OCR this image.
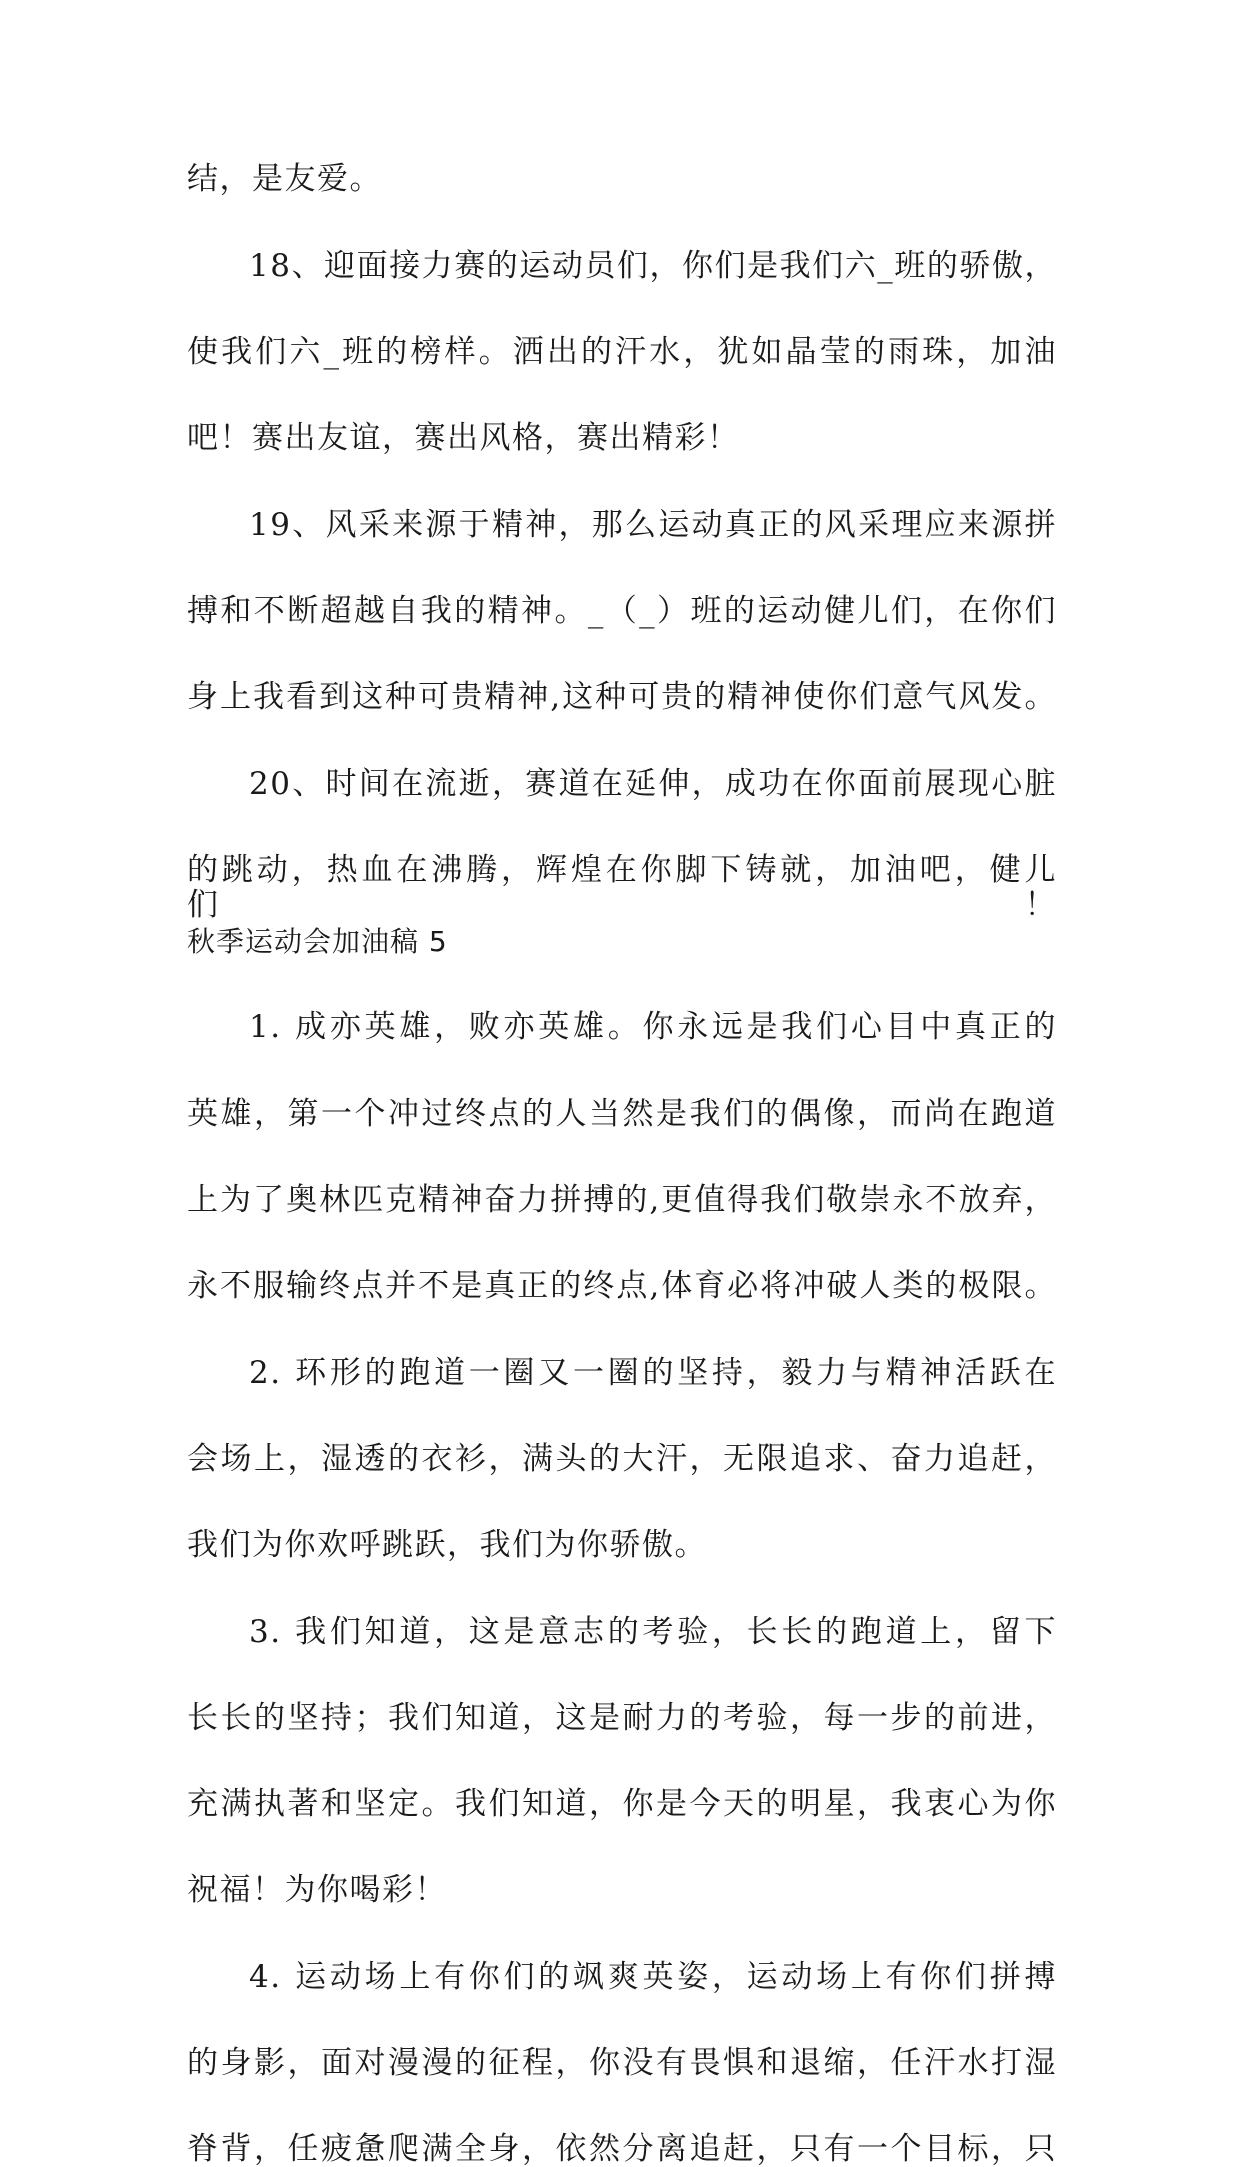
结，是友爱。
18、迎面接力赛的运动员们，你们是我们六_班的骄傲，
使我们六_班的榜样。洒出的汗水，犹如晶莹的雨珠，加油
吧！赛出友谊，赛出风格，赛出精彩！
19、风采来源于精神，那么运动真正的风采理应来源拼
搏和不断超越自我的精神。_（_）班的运动健儿们，在你们
身上我看到这种可贵精神,这种可贵的精神使你们意气风发。
20、时间在流逝，赛道在延伸，成功在你面前展现心脏
的跳动，热血在沸腾，辉煌在你脚下铸就，加油吧，健儿们！
秋季运动会加油稿 5
1. 成亦英雄，败亦英雄。你永远是我们心目中真正的
英雄，第一个冲过终点的人当然是我们的偶像，而尚在跑道
上为了奥林匹克精神奋力拼搏的,更值得我们敬崇永不放弃，
永不服输终点并不是真正的终点,体育必将冲破人类的极限。
2. 环形的跑道一圈又一圈的坚持，毅力与精神活跃在
会场上，湿透的衣衫，满头的大汗，无限追求、奋力追赶，
我们为你欢呼跳跃，我们为你骄傲。
3. 我们知道，这是意志的考验，长长的跑道上，留下
长长的坚持；我们知道，这是耐力的考验，每一步的前进，
充满执著和坚定。我们知道，你是今天的明星，我衷心为你
祝福！为你喝彩！
4. 运动场上有你们的飒爽英姿，运动场上有你们拼搏
的身影，面对漫漫的征程，你没有畏惧和退缩，任汗水打湿
脊背，任疲惫爬满全身，依然分离追赶，只有一个目标，只
